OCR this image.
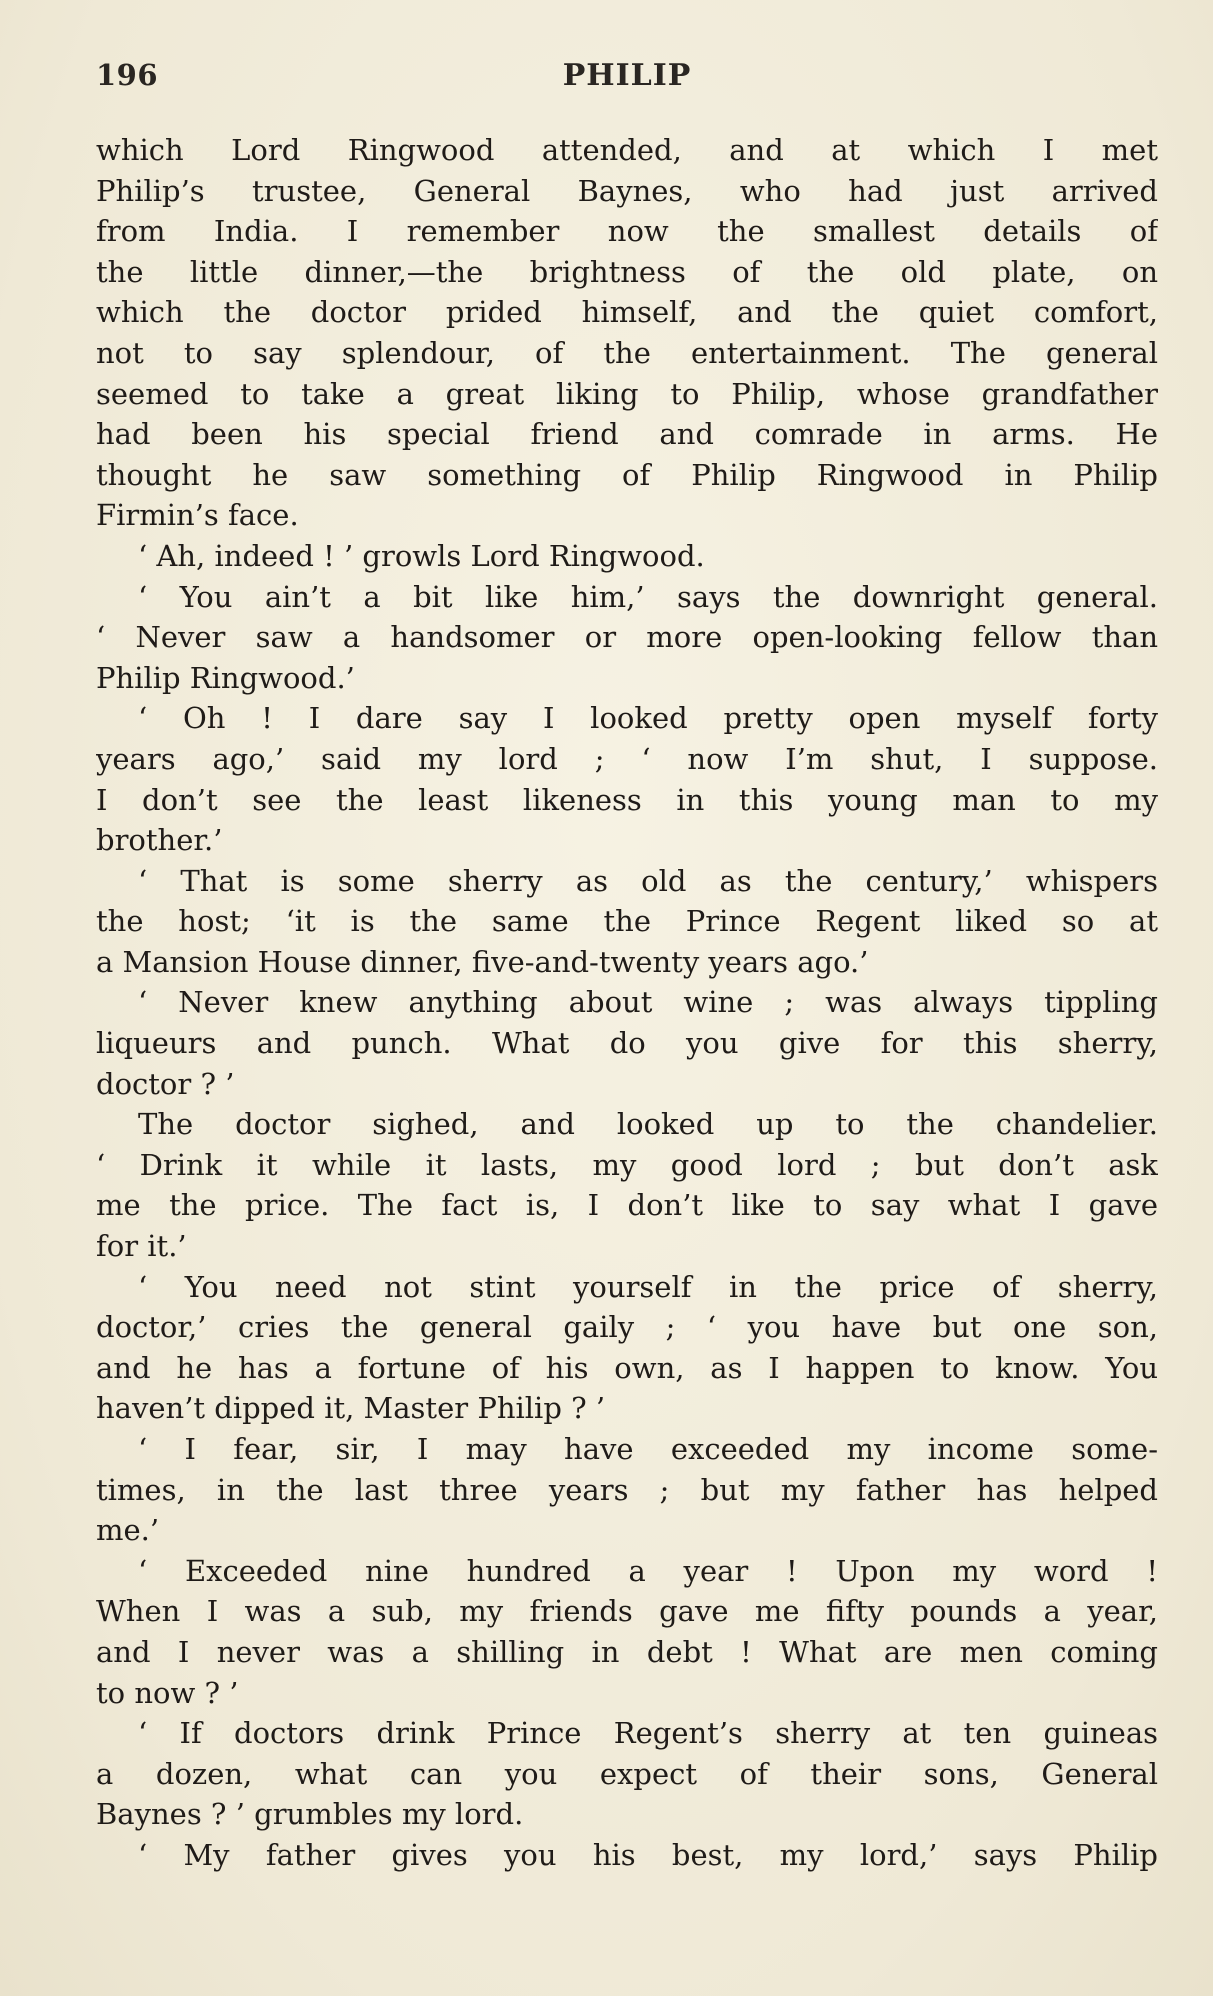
196	PHILIP
which Lord Ringwood attended, and at which I met
Philip’s trustee, General Baynes, who had just arrived
from India. I remember now the smallest details of
the little dinner,—the brightness of the old plate, on
which the doctor prided himself, and the quiet comfort,
not to say splendour, of the entertainment. The general
seemed to take a great liking to Philip, whose grandfather
had been his special friend and comrade in arms. He
thought he saw something of Philip Ringwood in Philip
Firmin’s face.
‘ Ah, indeed ! ’ growls Lord Ringwood.
‘ You ain’t a bit like him,’ says the downright general.
‘ Never saw a handsomer or more open-looking fellow than
Philip Ringwood.’
‘ Oh ! I dare say I looked pretty open myself forty
years ago,’ said my lord ; ‘ now I’m shut, I suppose.
I don’t see the least likeness in this young man to my
brother.’
‘ That is some sherry as old as the century,’ whispers
the host; ‘it is the same the Prince Regent liked so at
a Mansion House dinner, five-and-twenty years ago.’
‘ Never knew anything about wine ; was always tippling
liqueurs and punch. What do you give for this sherry,
doctor ? ’
The doctor sighed, and looked up to the chandelier.
‘ Drink it while it lasts, my good lord ; but don’t ask
me the price. The fact is, I don’t like to say what I gave
for it.’
‘ You need not stint yourself in the price of sherry,
doctor,’ cries the general gaily ; ‘ you have but one son,
and he has a fortune of his own, as I happen to know. You
haven’t dipped it, Master Philip ? ’
‘ I fear, sir, I may have exceeded my income some-
times, in the last three years ; but my father has helped
me.’
‘ Exceeded nine hundred a year ! Upon my word !
When I was a sub, my friends gave me fifty pounds a year,
and I never was a shilling in debt ! What are men coming
to now ? ’
‘ If doctors drink Prince Regent’s sherry at ten guineas
a dozen, what can you expect of their sons, General
Baynes ? ’ grumbles my lord.
‘ My father gives you his best, my lord,’ says Philip
